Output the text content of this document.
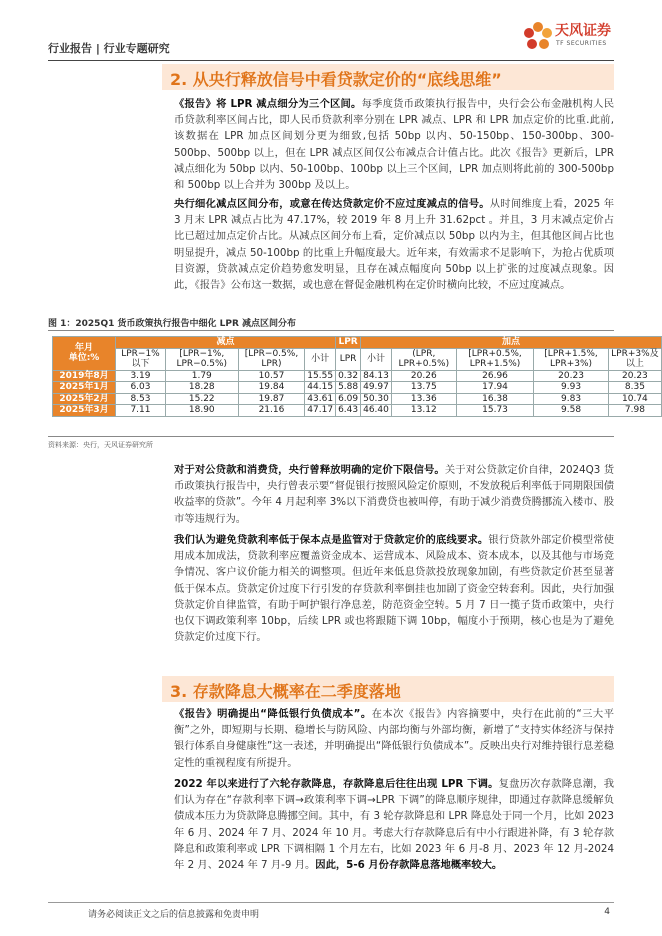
行业报告 | 行业专题研究
天风证券
TF SECURITIES
2. 从央行释放信号中看贷款定价的“底线思维”
《报告》将 LPR 减点细分为三个区间。每季度货币政策执行报告中，央行会公布金融机构人民币贷款利率区间占比，即人民币贷款利率分别在 LPR 减点、LPR 和 LPR 加点定价的比重.此前,该数据在 LPR 加点区间划分更为细致,包括 50bp 以内、50-150bp、150-300bp、300-500bp、500bp 以上，但在 LPR 减点区间仅公布减点合计值占比。此次《报告》更新后，LPR 减点细化为 50bp 以内、50-100bp、100bp 以上三个区间，LPR 加点则将此前的 300-500bp 和 500bp 以上合并为 300bp 及以上。
央行细化减点区间分布，或意在传达贷款定价不应过度减点的信号。从时间维度上看，2025 年 3 月末 LPR 减点占比为 47.17%，较 2019 年 8 月上升 31.62pct 。并且，3 月末减点定价占比已超过加点定价占比。从减点区间分布上看，定价减点以 50bp 以内为主，但其他区间占比也明显提升，减点 50-100bp 的比重上升幅度最大。近年来，有效需求不足影响下，为抢占优质项目资源，贷款减点定价趋势愈发明显，且存在减点幅度向 50bp 以上扩张的过度减点现象。因此，《报告》公布这一数据，或也意在督促金融机构在定价时横向比较，不应过度减点。
图 1：2025Q1 货币政策执行报告中细化 LPR 减点区间分布
年月
单位:%	减点				LPR	加点				
	LPR−1%以下	[LPR−1%, LPR−0.5%)	[LPR−0.5%, LPR)	小计	LPR	小计	(LPR, LPR+0.5%)	[LPR+0.5%, LPR+1.5%)	[LPR+1.5%, LPR+3%)	LPR+3%及以上
2019年8月	3.19	1.79	10.57	15.55	0.32	84.13	20.26	26.96	20.23	20.23
2025年1月	6.03	18.28	19.84	44.15	5.88	49.97	13.75	17.94	9.93	8.35
2025年2月	8.53	15.22	19.87	43.61	6.09	50.30	13.36	16.38	9.83	10.74
2025年3月	7.11	18.90	21.16	47.17	6.43	46.40	13.12	15.73	9.58	7.98
资料来源：央行，天风证券研究所
对于对公贷款和消费贷，央行曾释放明确的定价下限信号。关于对公贷款定价自律，2024Q3 货币政策执行报告中，央行曾表示要“督促银行按照风险定价原则，不发放税后利率低于同期限国债收益率的贷款”。今年 4 月起利率 3%以下消费贷也被叫停，有助于减少消费贷腾挪流入楼市、股市等违规行为。
我们认为避免贷款利率低于保本点是监管对于贷款定价的底线要求。银行贷款外部定价模型常使用成本加成法，贷款利率应覆盖资金成本、运营成本、风险成本、资本成本，以及其他与市场竞争情况、客户议价能力相关的调整项。但近年来低息贷款投放现象加剧，有些贷款定价甚至显著低于保本点。贷款定价过度下行引发的存贷款利率倒挂也加剧了资金空转套利。因此，央行加强贷款定价自律监管，有助于呵护银行净息差，防范资金空转。5 月 7 日一揽子货币政策中，央行也仅下调政策利率 10bp，后续 LPR 或也将跟随下调 10bp，幅度小于预期，核心也是为了避免贷款定价过度下行。
3. 存款降息大概率在二季度落地
《报告》明确提出“降低银行负债成本”。在本次《报告》内容摘要中，央行在此前的“三大平衡”之外，即短期与长期、稳增长与防风险、内部均衡与外部均衡，新增了“支持实体经济与保持银行体系自身健康性”这一表述，并明确提出“降低银行负债成本”。反映出央行对维持银行息差稳定性的重视程度有所提升。
2022 年以来进行了六轮存款降息，存款降息后往往出现 LPR 下调。复盘历次存款降息潮，我们认为存在“存款利率下调→政策利率下调→LPR 下调”的降息顺序规律，即通过存款降息缓解负债成本压力为贷款降息腾挪空间。其中，有 3 轮存款降息和 LPR 降息处于同一个月，比如 2023 年 6 月、2024 年 7 月、2024 年 10 月。考虑大行存款降息后有中小行跟进补降，有 3 轮存款降息和政策利率或 LPR 下调相隔 1 个月左右，比如 2023 年 6 月-8 月、2023 年 12 月-2024 年 2 月、2024 年 7 月-9 月。因此，5-6 月份存款降息落地概率较大。
请务必阅读正文之后的信息披露和免责申明	4
